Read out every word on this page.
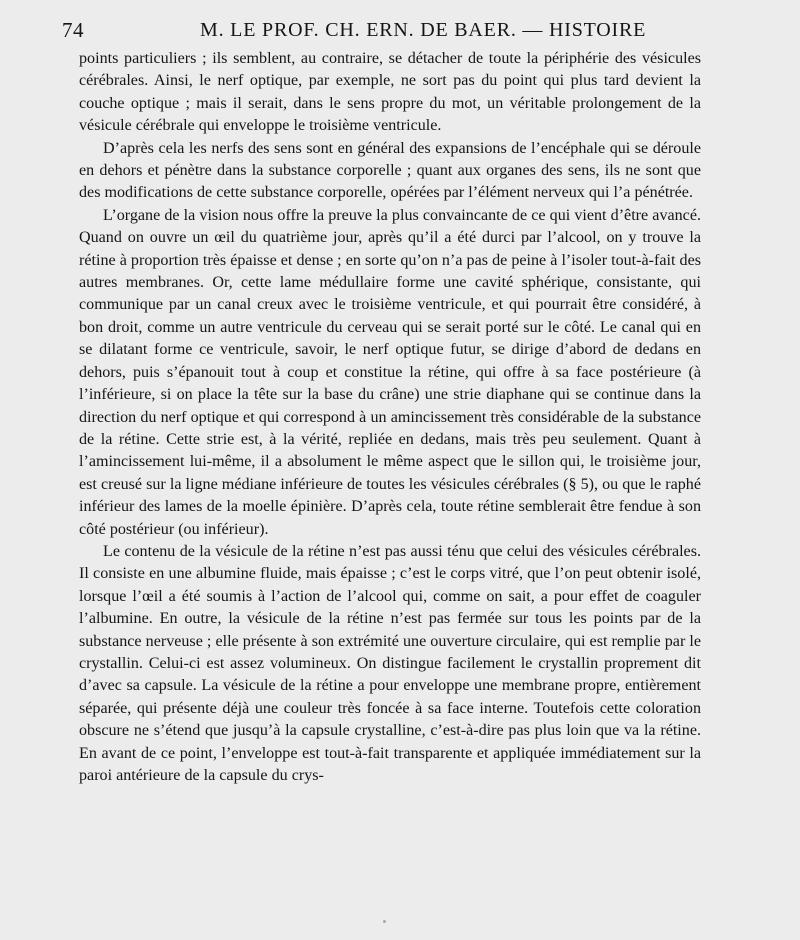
74	M. LE PROF. CH. ERN. DE BAER. — HISTOIRE

points particuliers ; ils semblent, au contraire, se détacher de toute la périphérie des vésicules cérébrales. Ainsi, le nerf optique, par exemple, ne sort pas du point qui plus tard devient la couche optique ; mais il serait, dans le sens propre du mot, un véritable prolongement de la vésicule cérébrale qui enveloppe le troisième ventricule.

D’après cela les nerfs des sens sont en général des expansions de l’encéphale qui se déroule en dehors et pénètre dans la substance corporelle ; quant aux organes des sens, ils ne sont que des modifications de cette substance corporelle, opérées par l’élément nerveux qui l’a pénétrée.

L’organe de la vision nous offre la preuve la plus convaincante de ce qui vient d’être avancé. Quand on ouvre un œil du quatrième jour, après qu’il a été durci par l’alcool, on y trouve la rétine à proportion très épaisse et dense ; en sorte qu’on n’a pas de peine à l’isoler tout-à-fait des autres membranes. Or, cette lame médullaire forme une cavité sphérique, consistante, qui communique par un canal creux avec le troisième ventricule, et qui pourrait être considéré, à bon droit, comme un autre ventricule du cerveau qui se serait porté sur le côté. Le canal qui en se dilatant forme ce ventricule, savoir, le nerf optique futur, se dirige d’abord de dedans en dehors, puis s’épanouit tout à coup et constitue la rétine, qui offre à sa face postérieure (à l’inférieure, si on place la tête sur la base du crâne) une strie diaphane qui se continue dans la direction du nerf optique et qui correspond à un amincissement très considérable de la substance de la rétine. Cette strie est, à la vérité, repliée en dedans, mais très peu seulement. Quant à l’amincissement lui-même, il a absolument le même aspect que le sillon qui, le troisième jour, est creusé sur la ligne médiane inférieure de toutes les vésicules cérébrales (§ 5), ou que le raphé inférieur des lames de la moelle épinière. D’après cela, toute rétine semblerait être fendue à son côté postérieur (ou inférieur).

Le contenu de la vésicule de la rétine n’est pas aussi ténu que celui des vésicules cérébrales. Il consiste en une albumine fluide, mais épaisse ; c’est le corps vitré, que l’on peut obtenir isolé, lorsque l’œil a été soumis à l’action de l’alcool qui, comme on sait, a pour effet de coaguler l’albumine. En outre, la vésicule de la rétine n’est pas fermée sur tous les points par de la substance nerveuse ; elle présente à son extrémité une ouverture circulaire, qui est remplie par le crystallin. Celui-ci est assez volumineux. On distingue facilement le crystallin proprement dit d’avec sa capsule. La vésicule de la rétine a pour enveloppe une membrane propre, entièrement séparée, qui présente déjà une couleur très foncée à sa face interne. Toutefois cette coloration obscure ne s’étend que jusqu’à la capsule crystalline, c’est-à-dire pas plus loin que va la rétine. En avant de ce point, l’enveloppe est tout-à-fait transparente et appliquée immédiatement sur la paroi antérieure de la capsule du crys-
